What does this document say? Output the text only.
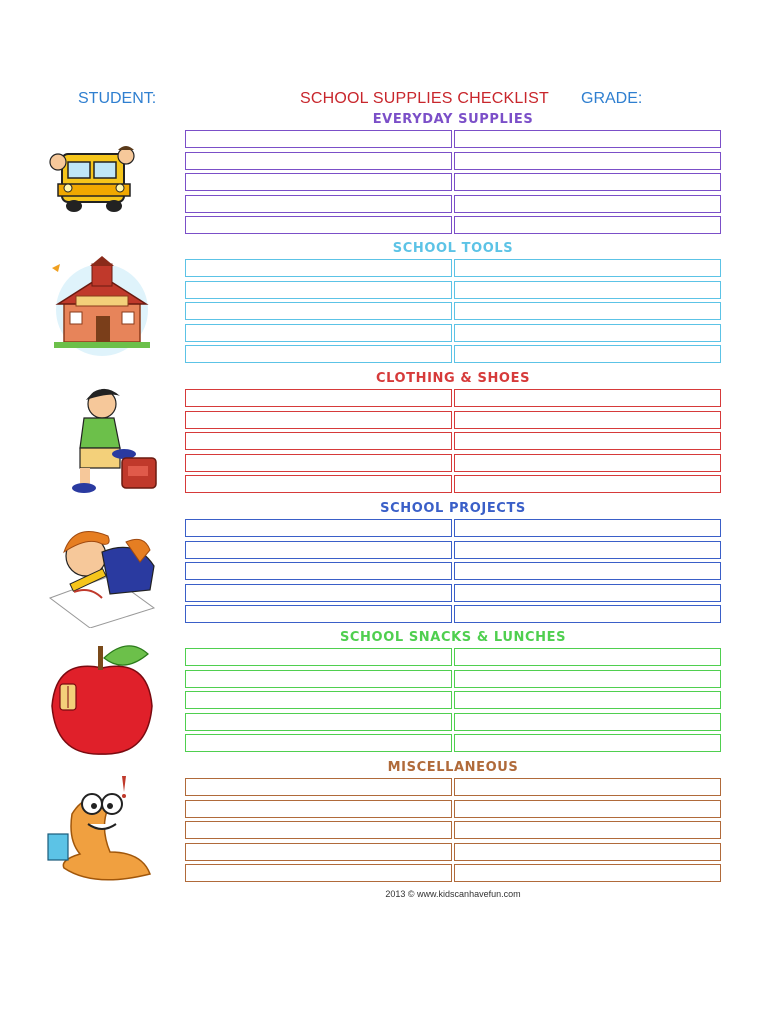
STUDENT:	SCHOOL SUPPLIES CHECKLIST GRADE:
EVERYDAY SUPPLIES
SCHOOL TOOLS
CLOTHING & SHOES
SCHOOL PROJECTS
SCHOOL SNACKS & LUNCHES
MISCELLANEOUS
2013 © www.kidscanhavefun.com
